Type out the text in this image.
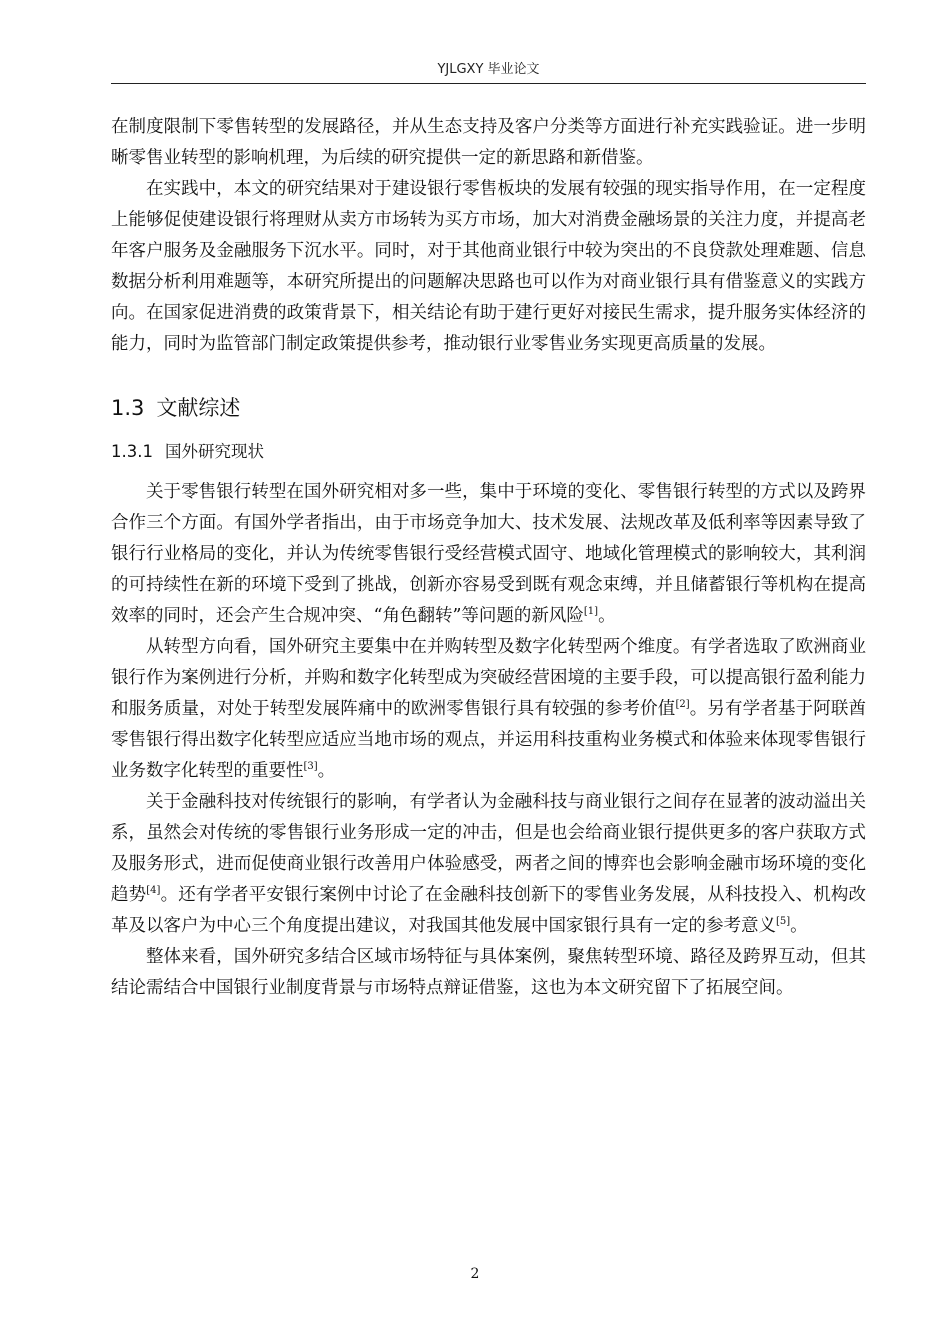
YJLGXY 毕业论文

在制度限制下零售转型的发展路径，并从生态支持及客户分类等方面进行补充实践验证。进一步明晰零售业转型的影响机理，为后续的研究提供一定的新思路和新借鉴。

在实践中，本文的研究结果对于建设银行零售板块的发展有较强的现实指导作用，在一定程度上能够促使建设银行将理财从卖方市场转为买方市场，加大对消费金融场景的关注力度，并提高老年客户服务及金融服务下沉水平。同时，对于其他商业银行中较为突出的不良贷款处理难题、信息数据分析利用难题等，本研究所提出的问题解决思路也可以作为对商业银行具有借鉴意义的实践方向。在国家促进消费的政策背景下，相关结论有助于建行更好对接民生需求，提升服务实体经济的能力，同时为监管部门制定政策提供参考，推动银行业零售业务实现更高质量的发展。

1.3 文献综述
1.3.1 国外研究现状

关于零售银行转型在国外研究相对多一些，集中于环境的变化、零售银行转型的方式以及跨界合作三个方面。有国外学者指出，由于市场竞争加大、技术发展、法规改革及低利率等因素导致了银行行业格局的变化，并认为传统零售银行受经营模式固守、地域化管理模式的影响较大，其利润的可持续性在新的环境下受到了挑战，创新亦容易受到既有观念束缚，并且储蓄银行等机构在提高效率的同时，还会产生合规冲突、“角色翻转”等问题的新风险[1]。

从转型方向看，国外研究主要集中在并购转型及数字化转型两个维度。有学者选取了欧洲商业银行作为案例进行分析，并购和数字化转型成为突破经营困境的主要手段，可以提高银行盈利能力和服务质量，对处于转型发展阵痛中的欧洲零售银行具有较强的参考价值[2]。另有学者基于阿联酋零售银行得出数字化转型应适应当地市场的观点，并运用科技重构业务模式和体验来体现零售银行业务数字化转型的重要性[3]。

关于金融科技对传统银行的影响，有学者认为金融科技与商业银行之间存在显著的波动溢出关系，虽然会对传统的零售银行业务形成一定的冲击，但是也会给商业银行提供更多的客户获取方式及服务形式，进而促使商业银行改善用户体验感受，两者之间的博弈也会影响金融市场环境的变化趋势[4]。还有学者平安银行案例中讨论了在金融科技创新下的零售业务发展，从科技投入、机构改革及以客户为中心三个角度提出建议，对我国其他发展中国家银行具有一定的参考意义[5]。

整体来看，国外研究多结合区域市场特征与具体案例，聚焦转型环境、路径及跨界互动，但其结论需结合中国银行业制度背景与市场特点辩证借鉴，这也为本文研究留下了拓展空间。

2
